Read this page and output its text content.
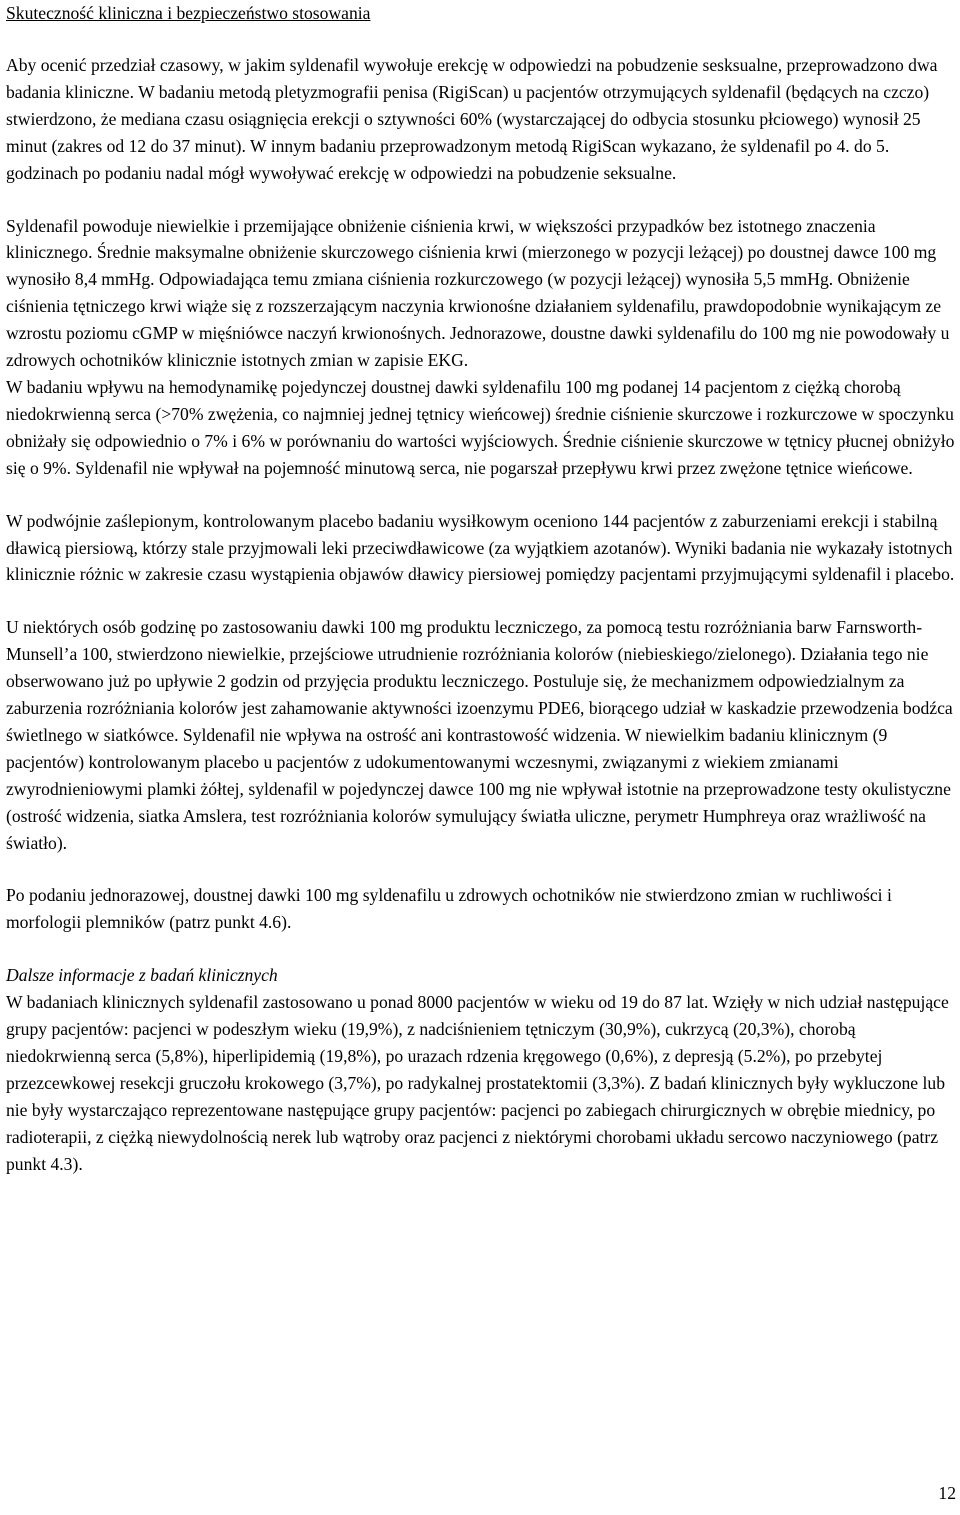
Skuteczność kliniczna i bezpieczeństwo stosowania

Aby ocenić przedział czasowy, w jakim syldenafil wywołuje erekcję w odpowiedzi na pobudzenie sesksualne, przeprowadzono dwa badania kliniczne. W badaniu metodą pletyzmografii penisa (RigiScan) u pacjentów otrzymujących syldenafil (będących na czczo) stwierdzono, że mediana czasu osiągnięcia erekcji o sztywności 60% (wystarczającej do odbycia stosunku płciowego) wynosił 25 minut (zakres od 12 do 37 minut). W innym badaniu przeprowadzonym metodą RigiScan wykazano, że syldenafil po 4. do 5. godzinach po podaniu nadal mógł wywoływać erekcję w odpowiedzi na pobudzenie seksualne.

Syldenafil powoduje niewielkie i przemijające obniżenie ciśnienia krwi, w większości przypadków bez istotnego znaczenia klinicznego. Średnie maksymalne obniżenie skurczowego ciśnienia krwi (mierzonego w pozycji leżącej) po doustnej dawce 100 mg wynosiło 8,4 mmHg. Odpowiadająca temu zmiana ciśnienia rozkurczowego (w pozycji leżącej) wynosiła 5,5 mmHg. Obniżenie ciśnienia tętniczego krwi wiąże się z rozszerzającym naczynia krwionośne działaniem syldenafilu, prawdopodobnie wynikającym ze wzrostu poziomu cGMP w mięśniówce naczyń krwionośnych. Jednorazowe, doustne dawki syldenafilu do 100 mg nie powodowały u zdrowych ochotników klinicznie istotnych zmian w zapisie EKG.

W badaniu wpływu na hemodynamikę pojedynczej doustnej dawki syldenafilu 100 mg podanej 14 pacjentom z ciężką chorobą niedokrwienną serca (>70% zwężenia, co najmniej jednej tętnicy wieńcowej) średnie ciśnienie skurczowe i rozkurczowe w spoczynku obniżały się odpowiednio o 7% i 6% w porównaniu do wartości wyjściowych. Średnie ciśnienie skurczowe w tętnicy płucnej obniżyło się o 9%. Syldenafil nie wpływał na pojemność minutową serca, nie pogarszał przepływu krwi przez zwężone tętnice wieńcowe.

W podwójnie zaślepionym, kontrolowanym placebo badaniu wysiłkowym oceniono 144 pacjentów z zaburzeniami erekcji i stabilną dławicą piersiową, którzy stale przyjmowali leki przeciwdławicowe (za wyjątkiem azotanów). Wyniki badania nie wykazały istotnych klinicznie różnic w zakresie czasu wystąpienia objawów dławicy piersiowej pomiędzy pacjentami przyjmującymi syldenafil i placebo.

U niektórych osób godzinę po zastosowaniu dawki 100 mg produktu leczniczego, za pomocą testu rozróżniania barw Farnsworth-Munsell’a 100, stwierdzono niewielkie, przejściowe utrudnienie rozróżniania kolorów (niebieskiego/zielonego). Działania tego nie obserwowano już po upływie 2 godzin od przyjęcia produktu leczniczego. Postuluje się, że mechanizmem odpowiedzialnym za zaburzenia rozróżniania kolorów jest zahamowanie aktywności izoenzymu PDE6, biorącego udział w kaskadzie przewodzenia bodźca świetlnego w siatkówce. Syldenafil nie wpływa na ostrość ani kontrastowość widzenia. W niewielkim badaniu klinicznym (9 pacjentów) kontrolowanym placebo u pacjentów z udokumentowanymi wczesnymi, związanymi z wiekiem zmianami zwyrodnieniowymi plamki żółtej, syldenafil w pojedynczej dawce 100 mg nie wpływał istotnie na przeprowadzone testy okulistyczne (ostrość widzenia, siatka Amslera, test rozróżniania kolorów symulujący światła uliczne, perymetr Humphreya oraz wrażliwość na światło).

Po podaniu jednorazowej, doustnej dawki 100 mg syldenafilu u zdrowych ochotników nie stwierdzono zmian w ruchliwości i morfologii plemników (patrz punkt 4.6).

Dalsze informacje z badań klinicznych

W badaniach klinicznych syldenafil zastosowano u ponad 8000 pacjentów w wieku od 19 do 87 lat. Wzięły w nich udział następujące grupy pacjentów: pacjenci w podeszłym wieku (19,9%), z nadciśnieniem tętniczym (30,9%), cukrzycą (20,3%), chorobą niedokrwienną serca (5,8%), hiperlipidemią (19,8%), po urazach rdzenia kręgowego (0,6%), z depresją (5.2%), po przebytej przezcewkowej resekcji gruczołu krokowego (3,7%), po radykalnej prostatektomii (3,3%). Z badań klinicznych były wykluczone lub nie były wystarczająco reprezentowane następujące grupy pacjentów: pacjenci po zabiegach chirurgicznych w obrębie miednicy, po radioterapii, z ciężką niewydolnością nerek lub wątroby oraz pacjenci z niektórymi chorobami układu sercowo naczyniowego (patrz punkt 4.3).

12
